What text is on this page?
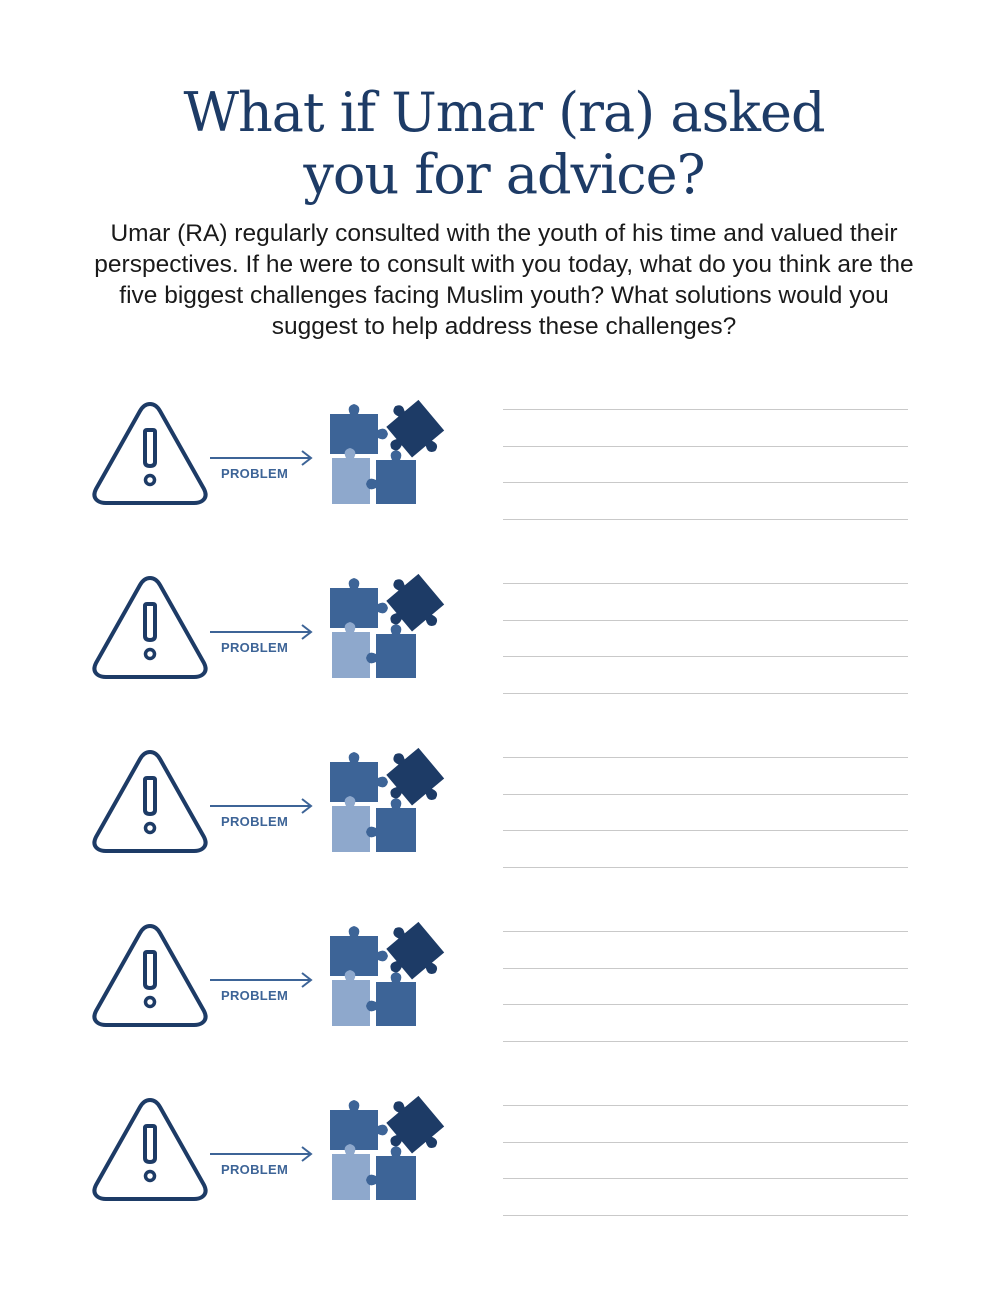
What if Umar (ra) asked
you for advice?
Umar (RA) regularly consulted with the youth of his time and valued their perspectives. If he were to consult with you today, what do you think are the five biggest challenges facing Muslim youth? What solutions would you suggest to help address these challenges?
PROBLEM
PROBLEM
PROBLEM
PROBLEM
PROBLEM
